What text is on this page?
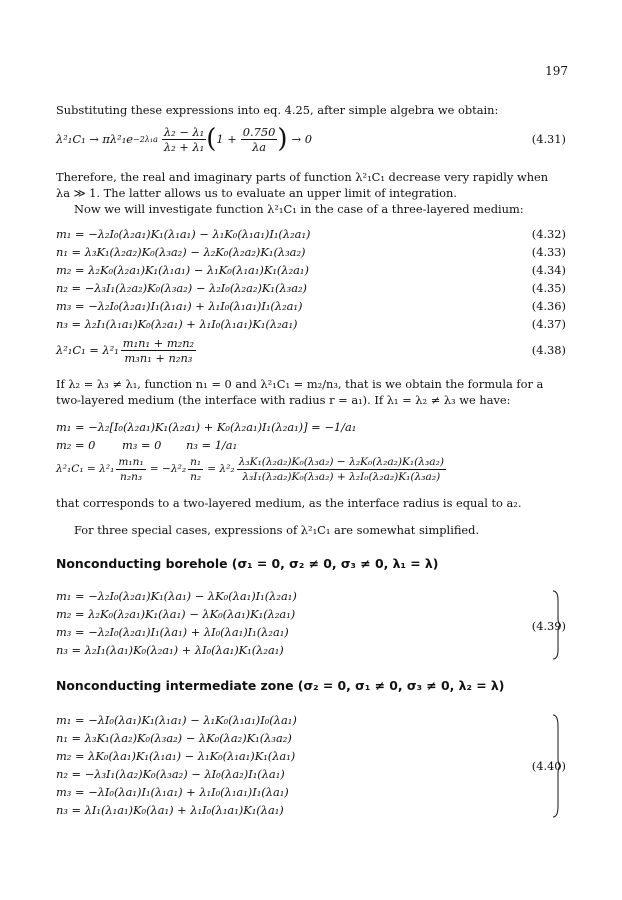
197
Substituting these expressions into eq. 4.25, after simple algebra we obtain:
$\lambda^2_1C_1 \to \pi\lambda^2_1e -2\lambda_1a \frac{\text{λ₂ − λ₁}}{\text{λ₂ + λ₁}}$ ( $1 + \frac{0.750}{\lambda a}$ ) → 0	(4.31)
Therefore, the real and imaginary parts of function λ²₁C₁ decrease very rapidly when
λa ≫ 1. The latter allows us to evaluate an upper limit of integration.
Now we will investigate function λ²₁C₁ in the case of a three-layered medium:
m₁ = −λ₂I₀(λ₂a₁)K₁(λ₁a₁) − λ₁K₀(λ₁a₁)I₁(λ₂a₁)	(4.32)
n₁ = λ₃K₁(λ₂a₂)K₀(λ₃a₂) − λ₂K₀(λ₂a₂)K₁(λ₃a₂)	(4.33)
m₂ = λ₂K₀(λ₂a₁)K₁(λ₁a₁) − λ₁K₀(λ₁a₁)K₁(λ₂a₁)	(4.34)
n₂ = −λ₃I₁(λ₂a₂)K₀(λ₃a₂) − λ₂I₀(λ₂a₂)K₁(λ₃a₂)	(4.35)
m₃ = −λ₂I₀(λ₂a₁)I₁(λ₁a₁) + λ₁I₀(λ₁a₁)I₁(λ₂a₁)	(4.36)
n₃ = λ₂I₁(λ₁a₁)K₀(λ₂a₁) + λ₁I₀(λ₁a₁)K₁(λ₂a₁)	(4.37)
$\lambda^2_1C_1 = \lambda^2_1 \frac{\text{m₁n₁ + m₂n₂}}{\text{m₃n₁ + n₂n₃}}$	(4.38)
If λ₂ = λ₃ ≠ λ₁, function n₁ = 0 and λ²₁C₁ = m₂/n₃, that is we obtain the formula for a
two-layered medium (the interface with radius r = a₁). If λ₁ = λ₂ ≠ λ₃ we have:
m₁ = −λ₂[I₀(λ₂a₁)K₁(λ₂a₁) + K₀(λ₂a₁)I₁(λ₂a₁)] = −1/a₁
m₂ = 0 m₃ = 0 n₃ = 1/a₁
$\lambda^2_1C_1 = \lambda^2_1 \frac{\text{m₁n₁}}{\text{n₂n₃}} = -\lambda^2_2 \frac{\text{n₁}}{\text{n₂}} = \lambda^2_2 \frac{\text{λ₃K₁(λ₂a₂)K₀(λ₃a₂) − λ₂K₀(λ₂a₂)K₁(λ₃a₂)}}{\text{λ₃I₁(λ₂a₂)K₀(λ₃a₂) + λ₂I₀(λ₂a₂)K₁(λ₃a₂)}}$
that corresponds to a two-layered medium, as the interface radius is equal to a₂.
For three special cases, expressions of λ²₁C₁ are somewhat simplified.
Nonconducting borehole (σ₁ = 0, σ₂ ≠ 0, σ₃ ≠ 0, λ₁ = λ)
m₁ = −λ₂I₀(λ₂a₁)K₁(λa₁) − λK₀(λa₁)I₁(λ₂a₁)
m₂ = λ₂K₀(λ₂a₁)K₁(λa₁) − λK₀(λa₁)K₁(λ₂a₁)
m₃ = −λ₂I₀(λ₂a₁)I₁(λa₁) + λI₀(λa₁)I₁(λ₂a₁)
n₃ = λ₂I₁(λa₁)K₀(λ₂a₁) + λI₀(λa₁)K₁(λ₂a₁)
(4.39)
Nonconducting intermediate zone (σ₂ = 0, σ₁ ≠ 0, σ₃ ≠ 0, λ₂ = λ)
m₁ = −λI₀(λa₁)K₁(λ₁a₁) − λ₁K₀(λ₁a₁)I₀(λa₁)
n₁ = λ₃K₁(λa₂)K₀(λ₃a₂) − λK₀(λa₂)K₁(λ₃a₂)
m₂ = λK₀(λa₁)K₁(λ₁a₁) − λ₁K₀(λ₁a₁)K₁(λa₁)
n₂ = −λ₃I₁(λa₂)K₀(λ₃a₂) − λI₀(λa₂)I₁(λa₁)
m₃ = −λI₀(λa₁)I₁(λ₁a₁) + λ₁I₀(λ₁a₁)I₁(λa₁)
n₃ = λI₁(λ₁a₁)K₀(λa₁) + λ₁I₀(λ₁a₁)K₁(λa₁)
(4.40)
